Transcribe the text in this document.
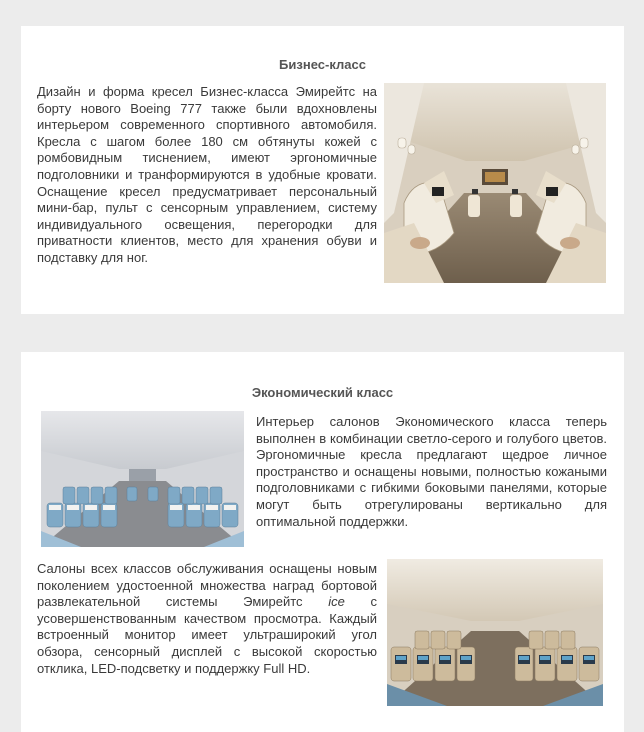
Бизнес-класс

Дизайн и форма кресел Бизнес-класса Эмирейтс на борту нового Boeing 777 также были вдохновлены интерьером современного спортивного автомобиля. Кресла с шагом более 180 см обтянуты кожей с ромбовидным тиснением, имеют эргономичные подголовники и транформируются в удобные кровати. Оснащение кресел предусматривает персональный мини-бар, пульт с сенсорным управлением, систему индивидуального освещения, перегородки для приватности клиентов, место для хранения обуви и подставку для ног.

Экономический класс

Интерьер салонов Экономического класса теперь выполнен в комбинации светло-серого и голубого цветов. Эргономичные кресла предлагают щедрое личное пространство и оснащены новыми, полностью кожаными подголовниками с гибкими боковыми панелями, которые могут быть отрегулированы вертикально для оптимальной поддержки.

Салоны всех классов обслуживания оснащены новым поколением удостоенной множества наград бортовой развлекательной системы Эмирейтс ice с усовершенствованным качеством просмотра. Каждый встроенный монитор имеет ультраширокий угол обзора, сенсорный дисплей с высокой скоростью отклика, LED-подсветку и поддержку Full HD.
